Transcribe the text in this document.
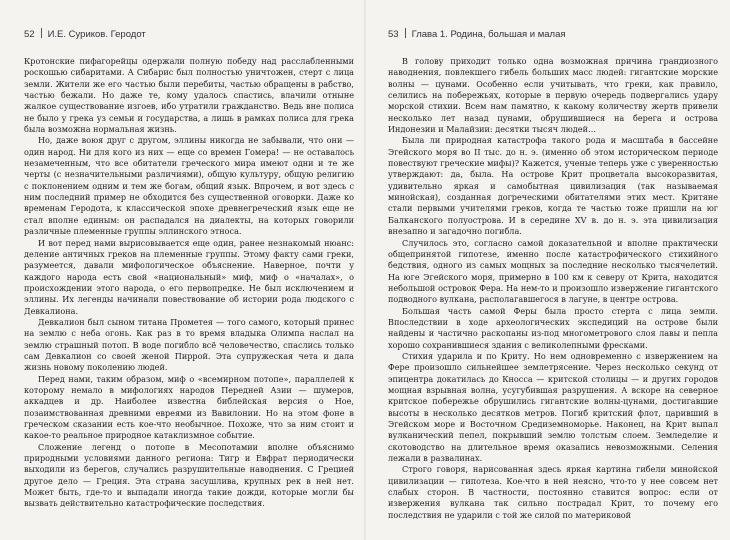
52 И.Е. Суриков. Геродот

Кротонские пифагорейцы одержали полную победу над расслабленными роскошью сибаритами. А Сибарис был полностью уничтожен, стерт с лица земли. Жители же его частью были перебиты, частью обращены в рабство, частью бежали. Но даже те, кому удалось спастись, влачили отныне жалкое существование изгоев, ибо утратили гражданство. Ведь вне полиса не было у грека уз семьи и государства, а лишь в рамках полиса для грека была возможна нормальная жизнь.

Но, даже воюя друг с другом, эллины никогда не забывали, что они — один народ. Ни для кого из них — еще со времен Гомера! — не оставалось незамеченным, что все обитатели греческого мира имеют одни и те же черты (с незначительными различиями), общую культуру, общую религию с поклонением одним и тем же богам, общий язык. Впрочем, и вот здесь с ним последний пример не обходится без существенной оговорки. Даже ко временам Геродота, к классической эпохе древнегреческий язык еще не стал вполне единым: он распадался на диалекты, на которых говорили различные племенные группы эллинского этноса.

И вот перед нами вырисовывается еще один, ранее незнакомый нюанс: деление античных греков на племенные группы. Этому факту сами греки, разумеется, давали мифологическое объяснение. Наверное, почти у каждого народа есть свой «национальный» миф, миф о «началах», о происхождении этого народа, о его первопредке. Не был исключением и эллины. Их легенды начинали повествование об истории рода людского с Девкалиона.

Девкалион был сыном титана Прометея — того самого, который принес на землю с неба огонь. Как раз в то время владыка Олимпа наслал на землю страшный потоп. В воде погибло всё человечество, спаслись только сам Девкалион со своей женой Пиррой. Эта супружеская чета и дала жизнь новому поколению людей.

Перед нами, таким образом, миф о «всемирном потопе», параллелей к которому немало в мифологиях народов Передней Азии — шумеров, аккадцев и др. Наиболее известна библейская версия о Ное, позаимствованная древними евреями из Вавилонии. Но на этом фоне в греческом сказании есть кое-что необычное. Похоже, что за ним стоит и какое-то реальное природное катаклизмное событие.

Сложение легенд о потопе в Месопотамии вполне объяснимо природными условиями данного региона: Тигр и Евфрат периодически выходили из берегов, случались разрушительные наводнения. С Грецией другое дело — Греция. Эта страна засушлива, крупных рек в ней нет. Может быть, где-то и выпадали иногда такие дожди, которые могли бы вызвать действительно катастрофические последствия.

53 Глава 1. Родина, большая и малая

В голову приходит только одна возможная причина грандиозного наводнения, повлекшего гибель больших масс людей: гигантские морские волны — цунами. Особенно если учитывать, что греки, как правило, селились на побережьях, которые в первую очередь подвергались удару морской стихии. Всем нам памятно, к какому количеству жертв привели несколько лет назад цунами, обрушившиеся на берега и острова Индонезии и Малайзии: десятки тысяч людей…

Была ли природная катастрофа такого рода и масштаба в бассейне Эгейского моря во II тыс. до н. э. (именно об этом историческом периоде повествуют греческие мифы)? Кажется, ученые теперь уже с уверенностью утверждают: да, была. На острове Крит процветала высокоразвитая, удивительно яркая и самобытная цивилизация (так называемая минойская), созданная догреческими обитателями этих мест. Критяне стали первыми учителями греков, когда те частью тоже пришли на юг Балканского полуострова. И в середине XV в. до н. э. эта цивилизация внезапно и загадочно погибла.

Случилось это, согласно самой доказательной и вполне практически общепринятой гипотезе, именно после катастрофического стихийного бедствия, одного из самых мощных за последние несколько тысячелетий. На юге Эгейского моря, примерно в 100 км к северу от Крита, находится небольшой островок Фера. На нем-то и произошло извержение гигантского подводного вулкана, располагавшегося в лагуне, в центре острова.

Большая часть самой Феры была просто стерта с лица земли. Впоследствии в ходе археологических экспедиций на острове были найдены и частично раскопаны из-под многометрового слоя лавы и пепла хорошо сохранившиеся здания с великолепными фресками.

Стихия ударила и по Криту. Но нем одновременно с извержением на Фере произошло сильнейшее землетрясение. Через несколько секунд от эпицентра докатилась до Кносса — критской столицы — и других городов мощная взрывная волна, усугубившая разрушения. А вскоре на северное критское побережье обрушились гигантские волны-цунами, достигавшие высоты в несколько десятков метров. Погиб критский флот, царивший в Эгейском море и Восточном Средиземноморье. Наконец, на Крит выпал вулканический пепел, покрывший землю толстым слоем. Земледелие и скотоводство на длительное время оказались невозможными. Селения лежали в развалинах.

Строго говоря, нарисованная здесь яркая картина гибели минойской цивилизации — гипотеза. Кое-что в ней неясно, что-то у нее совсем нет слабых сторон. В частности, постоянно ставится вопрос: если от извержения вулкана так сильно пострадал Крит, то почему его последствия не ударили с той же силой по материковой
